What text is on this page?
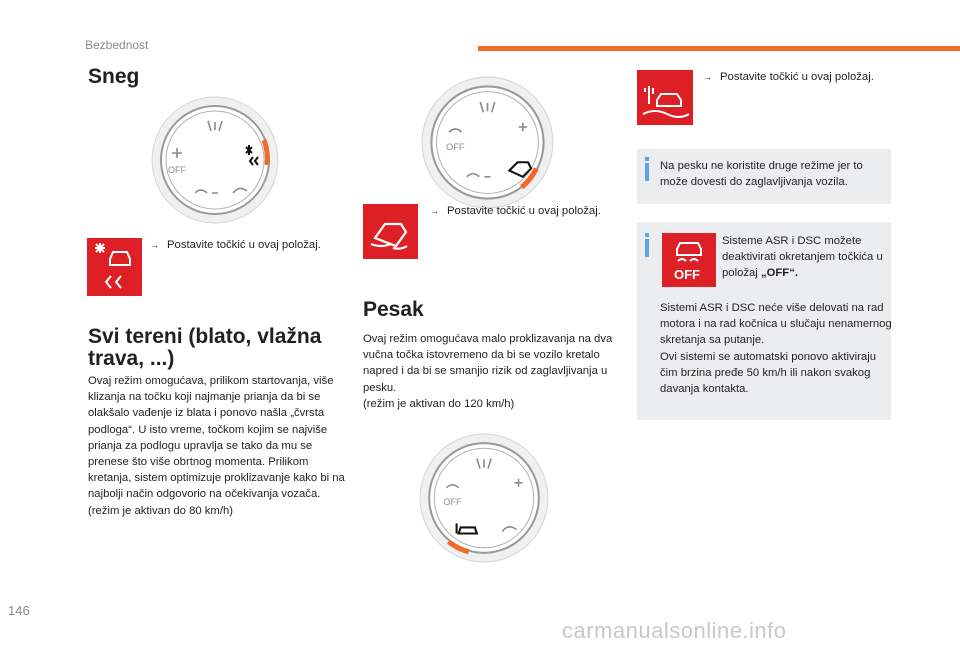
Bezbednost
Sneg
OFF
→ Postavite točkić u ovaj položaj.
Svi tereni (blato, vlažna trava, ...)
Ovaj režim omogućava, prilikom startovanja, više klizanja na točku koji najmanje prianja da bi se olakšalo vađenje iz blata i ponovo našla „čvrsta podloga“. U isto vreme, točkom kojim se najviše prianja za podlogu upravlja se tako da mu se prenese što više obrtnog momenta. Prilikom kretanja, sistem optimizuje proklizavanje kako bi na najbolji način odgovorio na očekivanja vozača.
(režim je aktivan do 80 km/h)
OFF
→ Postavite točkić u ovaj položaj.
Pesak
Ovaj režim omogućava malo proklizavanja na dva vučna točka istovremeno da bi se vozilo kretalo napred i da bi se smanjio rizik od zaglavljivanja u pesku.
(režim je aktivan do 120 km/h)
OFF
→ Postavite točkić u ovaj položaj.
Na pesku ne koristite druge režime jer to može dovesti do zaglavljivanja vozila.
OFF
Sisteme ASR i DSC možete deaktivirati okretanjem točkića u položaj „OFF“.
Sistemi ASR i DSC neće više delovati na rad motora i na rad kočnica u slučaju nenamernog skretanja sa putanje.
Ovi sistemi se automatski ponovo aktiviraju čim brzina pređe 50 km/h ili nakon svakog davanja kontakta.
146
carmanualsonline.info
